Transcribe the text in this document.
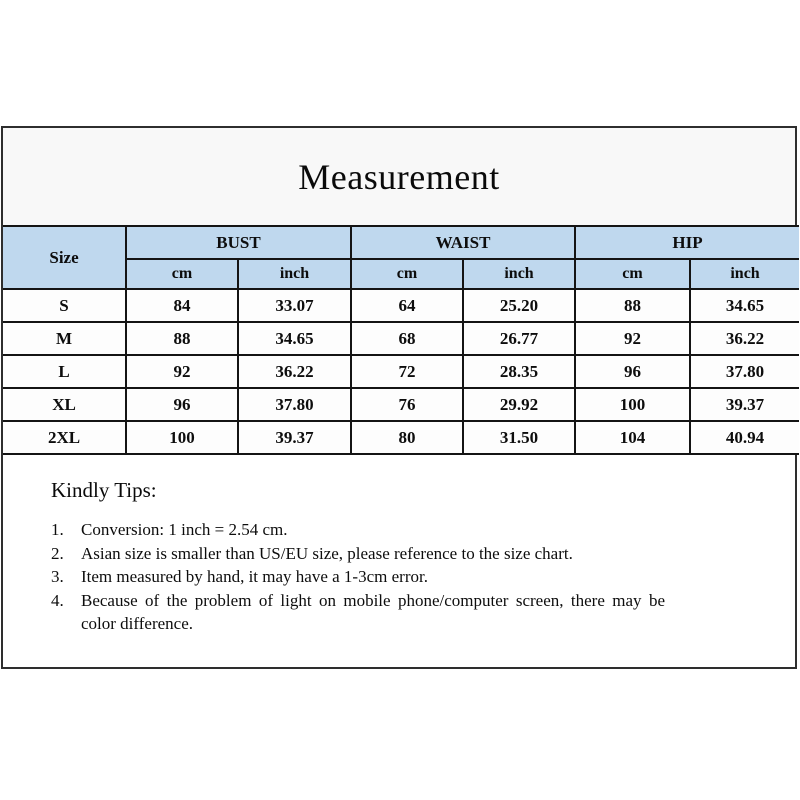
Measurement
Size	BUST		WAIST		HIP	
	cm	inch	cm	inch	cm	inch
S	84	33.07	64	25.20	88	34.65
M	88	34.65	68	26.77	92	36.22
L	92	36.22	72	28.35	96	37.80
XL	96	37.80	76	29.92	100	39.37
2XL	100	39.37	80	31.50	104	40.94
Kindly Tips:
1.	Conversion: 1 inch = 2.54 cm.
2.	Asian size is smaller than US/EU size, please reference to the size chart.
3.	Item measured by hand, it may have a 1-3cm error.
4.	Because of the problem of light on mobile phone/computer screen, there may be color difference.
